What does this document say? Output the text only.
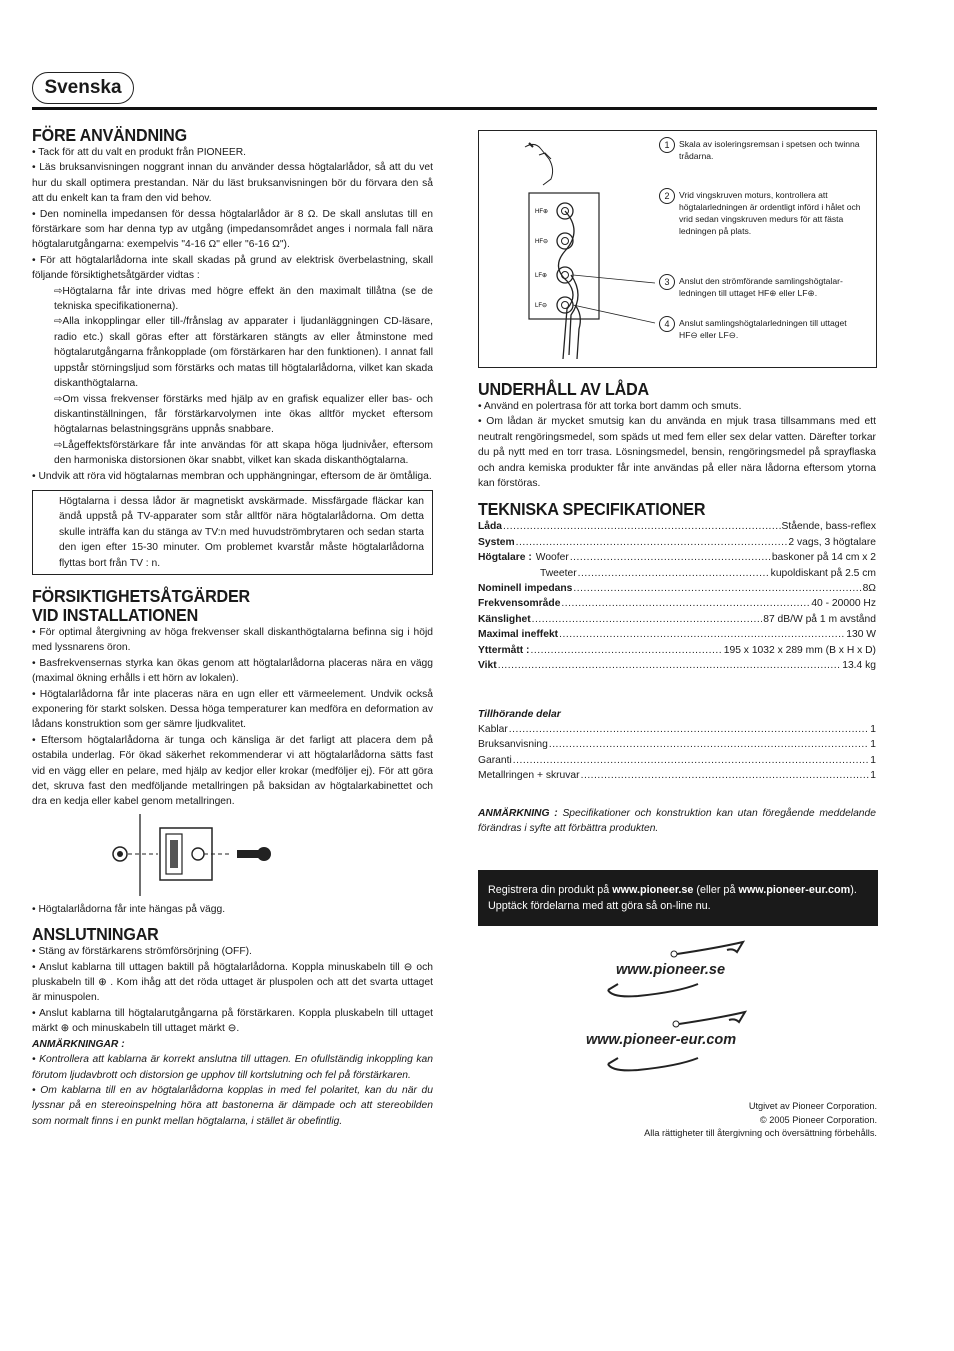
Svenska
FÖRE ANVÄNDNING

• Tack för att du valt en produkt från PIONEER.

• Läs bruksanvisningen noggrant innan du använder dessa högtalarlådor, så att du vet hur du skall optimera prestandan. När du läst bruksanvisningen bör du förvara den så att du enkelt kan ta fram den vid behov.

• Den nominella impedansen för dessa högtalarlådor är 8 Ω. De skall anslutas till en förstärkare som har denna typ av utgång (impedansområdet anges i normala fall nära högtalarutgångarna: exempelvis "4-16 Ω" eller "6-16 Ω").

• För att högtalarlådorna inte skall skadas på grund av elektrisk överbelastning, skall följande försiktighetsåtgärder vidtas :

⇨Högtalarna får inte drivas med högre effekt än den maximalt tillåtna (se de tekniska specifikationerna).

⇨Alla inkopplingar eller till-/frånslag av apparater i ljudanläggningen CD-läsare, radio etc.) skall göras efter att förstärkaren stängts av eller åtminstone med högtalarutgångarna frånkopplade (om förstärkaren har den funktionen). I annat fall uppstår störningsljud som förstärks och matas till högtalarlådorna, vilket kan skada diskanthögtalarna.

⇨Om vissa frekvenser förstärks med hjälp av en grafisk equalizer eller bas- och diskantinställningen, får förstärkarvolymen inte ökas alltför mycket eftersom högtalarnas belastningsgräns uppnås snabbare.

⇨Lågeffektsförstärkare får inte användas för att skapa höga ljudnivåer, eftersom den harmoniska distorsionen ökar snabbt, vilket kan skada diskanthögtalarna.

• Undvik att röra vid högtalarnas membran och upphängningar, eftersom de är ömtåliga.

Högtalarna i dessa lådor är magnetiskt avskärmade. Missfärgade fläckar kan ändå uppstå på TV-apparater som står alltför nära högtalarlådorna. Om detta skulle inträffa kan du stänga av TV:n med huvudströmbrytaren och sedan starta den igen efter 15-30 minuter. Om problemet kvarstår måste högtalarlådorna flyttas bort från TV : n.
FÖRSIKTIGHETSÅTGÄRDER
VID INSTALLATIONEN

• För optimal återgivning av höga frekvenser skall diskanthögtalarna befinna sig i höjd med lyssnarens öron.

• Basfrekvensernas styrka kan ökas genom att högtalarlådorna placeras nära en vägg (maximal ökning erhålls i ett hörn av lokalen).

• Högtalarlådorna får inte placeras nära en ugn eller ett värmeelement. Undvik också exponering för starkt solsken. Dessa höga temperaturer kan medföra en deformation av lådans konstruktion som ger sämre ljudkvalitet.

• Eftersom högtalarlådorna är tunga och känsliga är det farligt att placera dem på ostabila underlag. För ökad säkerhet rekommenderar vi att högtalarlådorna sätts fast vid en vägg eller en pelare, med hjälp av kedjor eller krokar (medföljer ej). För att göra det, skruva fast den medföljande metallringen på baksidan av högtalarkabinettet och dra en kedja eller kabel genom metallringen.

• Högtalarlådorna får inte hängas på vägg.

ANSLUTNINGAR

• Stäng av förstärkarens strömförsörjning (OFF).

• Anslut kablarna till uttagen baktill på högtalarlådorna. Koppla minuskabeln till ⊖ och pluskabeln till ⊕ . Kom ihåg att det röda uttaget är pluspolen och att det svarta uttaget är minuspolen.

• Anslut kablarna till högtalarutgångarna på förstärkaren. Koppla pluskabeln till uttaget märkt ⊕ och minuskabeln till uttaget märkt ⊖.

ANMÄRKNINGAR :

• Kontrollera att kablarna är korrekt anslutna till uttagen. En ofullständig inkoppling kan förutom ljudavbrott och distorsion ge upphov till kortslutning och fel på förstärkaren.

• Om kablarna till en av högtalarlådorna kopplas in med fel polaritet, kan du när du lyssnar på en stereoinspelning höra att bastonerna är dämpade och att stereobilden som normalt finns i en punkt mellan högtalarna, i stället är obefintlig.

HF⊕
HF⊖
LF⊕
LF⊖
1	Skala av isoleringsremsan i spetsen och twinna trådarna.
2	Vrid vingskruven moturs, kontrollera att högtalarledningen är ordentligt införd i hålet och vrid sedan vingskruven medurs för att fästa ledningen på plats.
3	Anslut den strömförande samlingshögtalar-ledningen till uttaget HF⊕ eller LF⊕.
4	Anslut samlingshögtalarledningen till uttaget HF⊖ eller LF⊖.
UNDERHÅLL AV LÅDA

• Använd en polertrasa för att torka bort damm och smuts.

• Om lådan är mycket smutsig kan du använda en mjuk trasa tillsammans med ett neutralt rengöringsmedel, som späds ut med fem eller sex delar vatten. Därefter torkar du på nytt med en torr trasa. Lösningsmedel, bensin, rengöringsmedel på sprayflaska och andra kemiska produkter får inte användas på eller nära lådorna eftersom ytorna kan förstöras.

TEKNISKA SPECIFIKATIONER
Låda .....	Stående, bass-reflex
System .....	2 vags, 3 högtalare
Högtalare : Woofer .....	baskoner på 14 cm x 2
Tweeter .....	kupoldiskant på 2.5 cm
Nominell impedans .....	8Ω
Frekvensområde .....	40 - 20000 Hz
Känslighet .....	87 dB/W på 1 m avstånd
Maximal ineffekt .....	130 W
Yttermått : .....	195 x 1032 x 289 mm (B x H x D)
Vikt .....	13.4 kg

Tillhörande delar

Kablar .....	1
Bruksanvisning .....	1
Garanti .....	1
Metallringen + skruvar .....	1

ANMÄRKNING : Specifikationer och konstruktion kan utan föregående meddelande förändras i syfte att förbättra produkten.

Registrera din produkt på www.pioneer.se (eller på www.pioneer-eur.com).
Upptäck fördelarna med att göra så on-line nu.
www.pioneer.se
www.pioneer-eur.com
Utgivet av Pioneer Corporation.
© 2005 Pioneer Corporation.
Alla rättigheter till återgivning och översättning förbehålls.
